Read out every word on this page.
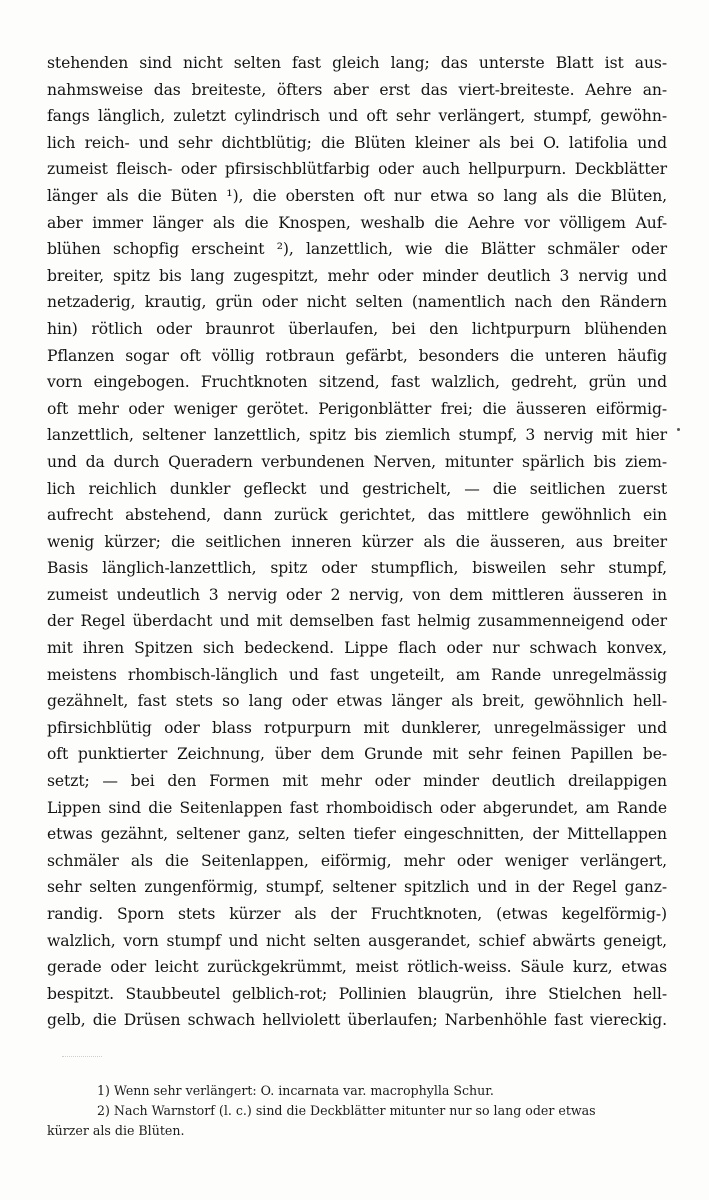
stehenden sind nicht selten fast gleich lang; das unterste Blatt ist aus-
nahmsweise das breiteste, öfters aber erst das viert-breiteste. Aehre an-
fangs länglich, zuletzt cylindrisch und oft sehr verlängert, stumpf, gewöhn-
lich reich- und sehr dichtblütig; die Blüten kleiner als bei O. latifolia und
zumeist fleisch- oder pfirsischblütfarbig oder auch hellpurpurn. Deckblätter
länger als die Büten ¹), die obersten oft nur etwa so lang als die Blüten,
aber immer länger als die Knospen, weshalb die Aehre vor völligem Auf-
blühen schopfig erscheint ²), lanzettlich, wie die Blätter schmäler oder
breiter, spitz bis lang zugespitzt, mehr oder minder deutlich 3 nervig und
netzaderig, krautig, grün oder nicht selten (namentlich nach den Rändern
hin) rötlich oder braunrot überlaufen, bei den lichtpurpurn blühenden
Pflanzen sogar oft völlig rotbraun gefärbt, besonders die unteren häufig
vorn eingebogen. Fruchtknoten sitzend, fast walzlich, gedreht, grün und
oft mehr oder weniger gerötet. Perigonblätter frei; die äusseren eiförmig-
lanzettlich, seltener lanzettlich, spitz bis ziemlich stumpf, 3 nervig mit hier
und da durch Queradern verbundenen Nerven, mitunter spärlich bis ziem-
lich reichlich dunkler gefleckt und gestrichelt, — die seitlichen zuerst
aufrecht abstehend, dann zurück gerichtet, das mittlere gewöhnlich ein
wenig kürzer; die seitlichen inneren kürzer als die äusseren, aus breiter
Basis länglich-lanzettlich, spitz oder stumpflich, bisweilen sehr stumpf,
zumeist undeutlich 3 nervig oder 2 nervig, von dem mittleren äusseren in
der Regel überdacht und mit demselben fast helmig zusammenneigend oder
mit ihren Spitzen sich bedeckend. Lippe flach oder nur schwach konvex,
meistens rhombisch-länglich und fast ungeteilt, am Rande unregelmässig
gezähnelt, fast stets so lang oder etwas länger als breit, gewöhnlich hell-
pfirsichblütig oder blass rotpurpurn mit dunklerer, unregelmässiger und
oft punktierter Zeichnung, über dem Grunde mit sehr feinen Papillen be-
setzt; — bei den Formen mit mehr oder minder deutlich dreilappigen
Lippen sind die Seitenlappen fast rhomboidisch oder abgerundet, am Rande
etwas gezähnt, seltener ganz, selten tiefer eingeschnitten, der Mittellappen
schmäler als die Seitenlappen, eiförmig, mehr oder weniger verlängert,
sehr selten zungenförmig, stumpf, seltener spitzlich und in der Regel ganz-
randig. Sporn stets kürzer als der Fruchtknoten, (etwas kegelförmig-)
walzlich, vorn stumpf und nicht selten ausgerandet, schief abwärts geneigt,
gerade oder leicht zurückgekrümmt, meist rötlich-weiss. Säule kurz, etwas
bespitzt. Staubbeutel gelblich-rot; Pollinien blaugrün, ihre Stielchen hell-
gelb, die Drüsen schwach hellviolett überlaufen; Narbenhöhle fast viereckig.
1) Wenn sehr verlängert: O. incarnata var. macrophylla Schur.
2) Nach Warnstorf (l. c.) sind die Deckblätter mitunter nur so lang oder etwas
kürzer als die Blüten.
